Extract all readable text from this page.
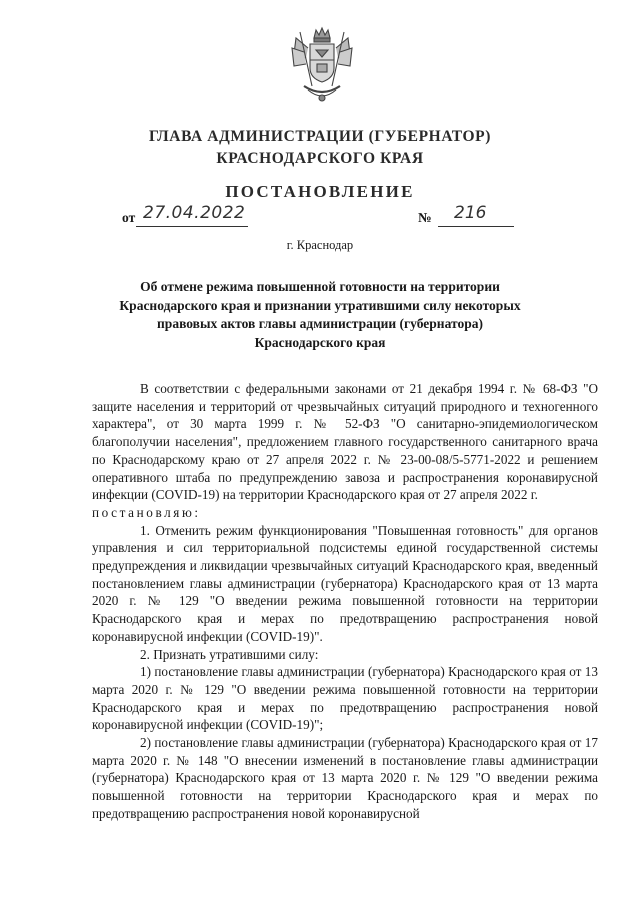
ГЛАВА АДМИНИСТРАЦИИ (ГУБЕРНАТОР)
КРАСНОДАРСКОГО КРАЯ
ПОСТАНОВЛЕНИЕ
от 27.04.2022	№ 216
г. Краснодар
Об отмене режима повышенной готовности на территории
Краснодарского края и признании утратившими силу некоторых
правовых актов главы администрации (губернатора)
Краснодарского края

В соответствии с федеральными законами от 21 декабря 1994 г. № 68-ФЗ "О защите населения и территорий от чрезвычайных ситуаций природного и техногенного характера", от 30 марта 1999 г. № 52-ФЗ "О санитарно-эпидемиологическом благополучии населения", предложением главного государственного санитарного врача по Краснодарскому краю от 27 апреля 2022 г. № 23-00-08/5-5771-2022 и решением оперативного штаба по предупреждению завоза и распространения коронавирусной инфекции (COVID-19) на территории Краснодарского края от 27 апреля 2022 г.

постановляю:

1. Отменить режим функционирования "Повышенная готовность" для органов управления и сил территориальной подсистемы единой государственной системы предупреждения и ликвидации чрезвычайных ситуаций Краснодарского края, введенный постановлением главы администрации (губернатора) Краснодарского края от 13 марта 2020 г. № 129 "О введении режима повышенной готовности на территории Краснодарского края и мерах по предотвращению распространения новой коронавирусной инфекции (COVID-19)".

2. Признать утратившими силу:

1) постановление главы администрации (губернатора) Краснодарского края от 13 марта 2020 г. № 129 "О введении режима повышенной готовности на территории Краснодарского края и мерах по предотвращению распространения новой коронавирусной инфекции (COVID-19)";

2) постановление главы администрации (губернатора) Краснодарского края от 17 марта 2020 г. № 148 "О внесении изменений в постановление главы администрации (губернатора) Краснодарского края от 13 марта 2020 г. № 129 "О введении режима повышенной готовности на территории Краснодарского края и мерах по предотвращению распространения новой коронавирусной
